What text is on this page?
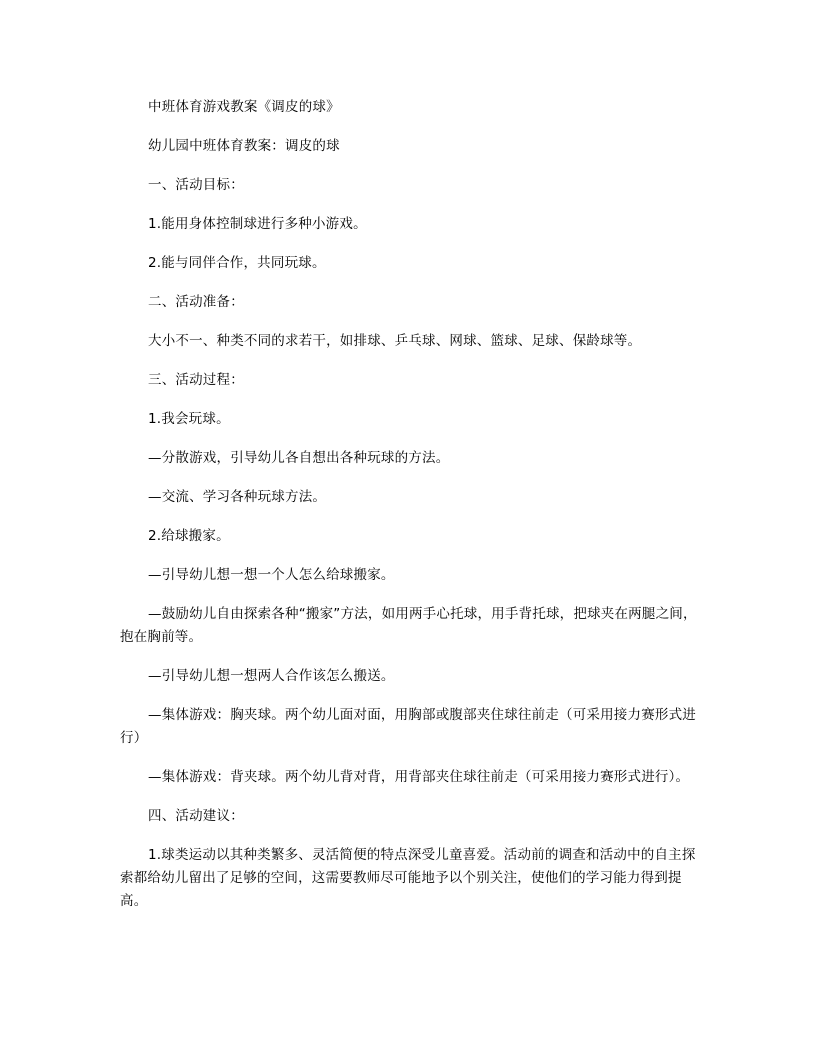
中班体育游戏教案《调皮的球》

幼儿园中班体育教案：调皮的球

一、活动目标：

1.能用身体控制球进行多种小游戏。

2.能与同伴合作，共同玩球。

二、活动准备：

大小不一、种类不同的求若干，如排球、乒乓球、网球、篮球、足球、保龄球等。

三、活动过程：

1.我会玩球。

—分散游戏，引导幼儿各自想出各种玩球的方法。

—交流、学习各种玩球方法。

2.给球搬家。

—引导幼儿想一想一个人怎么给球搬家。

—鼓励幼儿自由探索各种“搬家”方法，如用两手心托球，用手背托球，把球夹在两腿之间，抱在胸前等。

—引导幼儿想一想两人合作该怎么搬送。

—集体游戏：胸夹球。两个幼儿面对面，用胸部或腹部夹住球往前走（可采用接力赛形式进行）

—集体游戏：背夹球。两个幼儿背对背，用背部夹住球往前走（可采用接力赛形式进行）。

四、活动建议：

1.球类运动以其种类繁多、灵活简便的特点深受儿童喜爱。活动前的调查和活动中的自主探索都给幼儿留出了足够的空间，这需要教师尽可能地予以个别关注，使他们的学习能力得到提高。
